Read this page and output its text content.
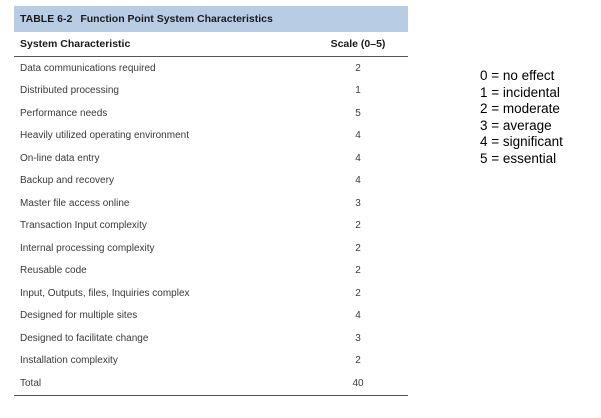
TABLE 6-2 Function Point System Characteristics
System Characteristic	Scale (0–5)
Data communications required	2
Distributed processing	1
Performance needs	5
Heavily utilized operating environment	4
On-line data entry	4
Backup and recovery	4
Master file access online	3
Transaction Input complexity	2
Internal processing complexity	2
Reusable code	2
Input, Outputs, files, Inquiries complex	2
Designed for multiple sites	4
Designed to facilitate change	3
Installation complexity	2
Total	40
0 = no effect
1 = incidental
2 = moderate
3 = average
4 = significant
5 = essential
